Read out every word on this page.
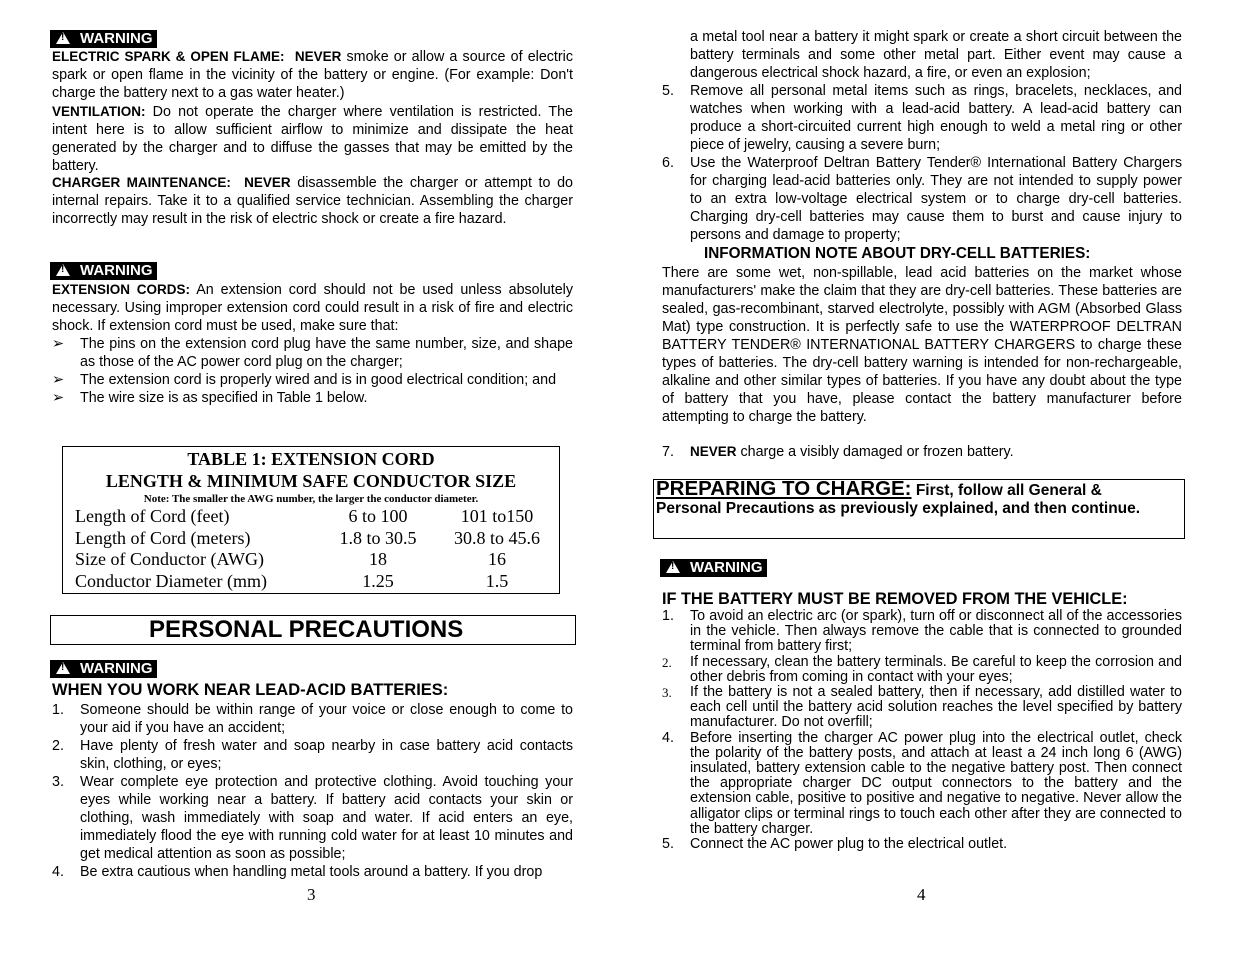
!WARNING
ELECTRIC SPARK & OPEN FLAME: NEVER smoke or allow a source of electric spark or open flame in the vicinity of the battery or engine. (For example: Don't charge the battery next to a gas water heater.)
VENTILATION: Do not operate the charger where ventilation is restricted. The intent here is to allow sufficient airflow to minimize and dissipate the heat generated by the charger and to diffuse the gasses that may be emitted by the battery.
CHARGER MAINTENANCE: NEVER disassemble the charger or attempt to do internal repairs. Take it to a qualified service technician. Assembling the charger incorrectly may result in the risk of electric shock or create a fire hazard.
!WARNING
EXTENSION CORDS: An extension cord should not be used unless absolutely necessary. Using improper extension cord could result in a risk of fire and electric shock. If extension cord must be used, make sure that:
➢ The pins on the extension cord plug have the same number, size, and shape as those of the AC power cord plug on the charger;
➢ The extension cord is properly wired and is in good electrical condition; and
➢ The wire size is as specified in Table 1 below.
TABLE 1: EXTENSION CORD
LENGTH & MINIMUM SAFE CONDUCTOR SIZE
Note: The smaller the AWG number, the larger the conductor diameter.
Length of Cord (feet)	6 to 100	101 to150
Length of Cord (meters)	1.8 to 30.5	30.8 to 45.6
Size of Conductor (AWG)	18	16
Conductor Diameter (mm)	1.25	1.5
PERSONAL PRECAUTIONS
!WARNING
WHEN YOU WORK NEAR LEAD-ACID BATTERIES:
1. Someone should be within range of your voice or close enough to come to your aid if you have an accident;
2. Have plenty of fresh water and soap nearby in case battery acid contacts skin, clothing, or eyes;
3. Wear complete eye protection and protective clothing. Avoid touching your eyes while working near a battery. If battery acid contacts your skin or clothing, wash immediately with soap and water. If acid enters an eye, immediately flood the eye with running cold water for at least 10 minutes and get medical attention as soon as possible;
4. Be extra cautious when handling metal tools around a battery. If you drop
3
a metal tool near a battery it might spark or create a short circuit between the battery terminals and some other metal part. Either event may cause a dangerous electrical shock hazard, a fire, or even an explosion;
5. Remove all personal metal items such as rings, bracelets, necklaces, and watches when working with a lead-acid battery. A lead-acid battery can produce a short-circuited current high enough to weld a metal ring or other piece of jewelry, causing a severe burn;
6. Use the Waterproof Deltran Battery Tender® International Battery Chargers for charging lead-acid batteries only. They are not intended to supply power to an extra low-voltage electrical system or to charge dry-cell batteries. Charging dry-cell batteries may cause them to burst and cause injury to persons and damage to property;
INFORMATION NOTE ABOUT DRY-CELL BATTERIES:
There are some wet, non-spillable, lead acid batteries on the market whose manufacturers' make the claim that they are dry-cell batteries. These batteries are sealed, gas-recombinant, starved electrolyte, possibly with AGM (Absorbed Glass Mat) type construction. It is perfectly safe to use the WATERPROOF DELTRAN BATTERY TENDER® INTERNATIONAL BATTERY CHARGERS to charge these types of batteries. The dry-cell battery warning is intended for non-rechargeable, alkaline and other similar types of batteries. If you have any doubt about the type of battery that you have, please contact the battery manufacturer before attempting to charge the battery.
7. NEVER charge a visibly damaged or frozen battery.
PREPARING TO CHARGE: First, follow all General & Personal Precautions as previously explained, and then continue.
!WARNING
IF THE BATTERY MUST BE REMOVED FROM THE VEHICLE:
1. To avoid an electric arc (or spark), turn off or disconnect all of the accessories in the vehicle. Then always remove the cable that is connected to grounded terminal from battery first;
2. If necessary, clean the battery terminals. Be careful to keep the corrosion and other debris from coming in contact with your eyes;
3. If the battery is not a sealed battery, then if necessary, add distilled water to each cell until the battery acid solution reaches the level specified by battery manufacturer. Do not overfill;
4. Before inserting the charger AC power plug into the electrical outlet, check the polarity of the battery posts, and attach at least a 24 inch long 6 (AWG) insulated, battery extension cable to the negative battery post. Then connect the appropriate charger DC output connectors to the battery and the extension cable, positive to positive and negative to negative. Never allow the alligator clips or terminal rings to touch each other after they are connected to the battery charger.
5. Connect the AC power plug to the electrical outlet.
4
